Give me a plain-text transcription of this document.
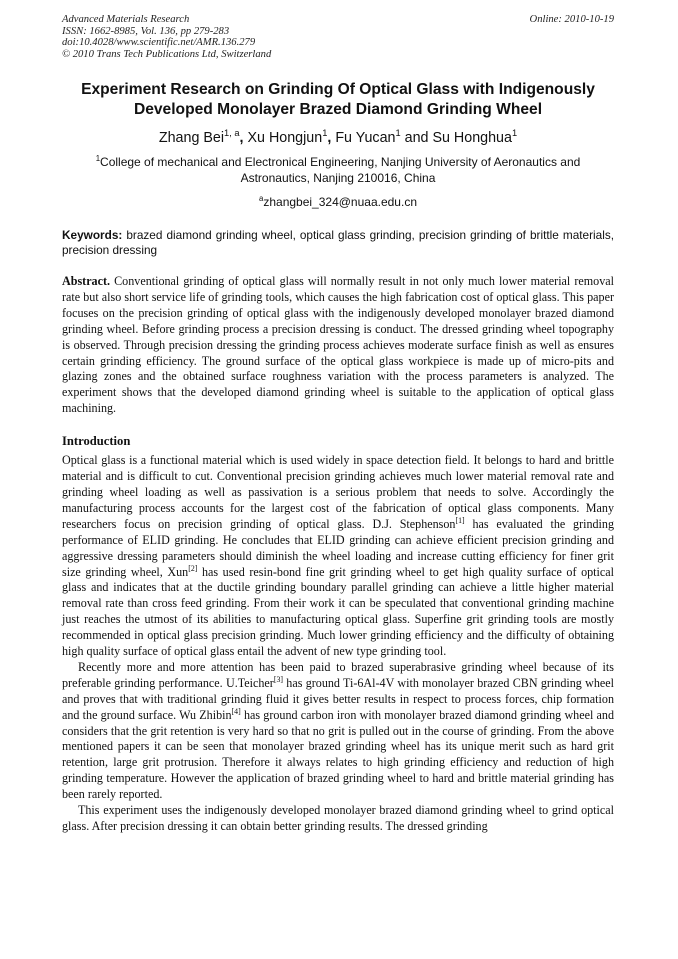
Advanced Materials Research
ISSN: 1662-8985, Vol. 136, pp 279-283
doi:10.4028/www.scientific.net/AMR.136.279
© 2010 Trans Tech Publications Ltd, Switzerland
Online: 2010-10-19
Experiment Research on Grinding Of Optical Glass with Indigenously Developed Monolayer Brazed Diamond Grinding Wheel
Zhang Bei$^{1, a}$, Xu Hongjun$^1$, Fu Yucan$^1$ and Su Honghua$^1$
$^1$College of mechanical and Electronical Engineering, Nanjing University of Aeronautics and Astronautics, Nanjing 210016, China
$^a$zhangbei_324@nuaa.edu.cn
Keywords: brazed diamond grinding wheel, optical glass grinding, precision grinding of brittle materials, precision dressing
Abstract. Conventional grinding of optical glass will normally result in not only much lower material removal rate but also short service life of grinding tools, which causes the high fabrication cost of optical glass. This paper focuses on the precision grinding of optical glass with the indigenously developed monolayer brazed diamond grinding wheel. Before grinding process a precision dressing is conduct. The dressed grinding wheel topography is observed. Through precision dressing the grinding process achieves moderate surface finish as well as ensures certain grinding efficiency. The ground surface of the optical glass workpiece is made up of micro-pits and glazing zones and the obtained surface roughness variation with the process parameters is analyzed. The experiment shows that the developed diamond grinding wheel is suitable to the application of optical glass machining.
Introduction

Optical glass is a functional material which is used widely in space detection field. It belongs to hard and brittle material and is difficult to cut. Conventional precision grinding achieves much lower material removal rate and grinding wheel loading as well as passivation is a serious problem that needs to solve. Accordingly the manufacturing process accounts for the largest cost of the fabrication of optical glass components. Many researchers focus on precision grinding of optical glass. D.J. Stephenson[1] has evaluated the grinding performance of ELID grinding. He concludes that ELID grinding can achieve efficient precision grinding and aggressive dressing parameters should diminish the wheel loading and increase cutting efficiency for finer grit size grinding wheel, Xun[2] has used resin-bond fine grit grinding wheel to get high quality surface of optical glass and indicates that at the ductile grinding boundary parallel grinding can achieve a little higher material removal rate than cross feed grinding. From their work it can be speculated that conventional grinding machine just reaches the utmost of its abilities to manufacturing optical glass. Superfine grit grinding tools are mostly recommended in optical glass precision grinding. Much lower grinding efficiency and the difficulty of obtaining high quality surface of optical glass entail the advent of new type grinding tool.

Recently more and more attention has been paid to brazed superabrasive grinding wheel because of its preferable grinding performance. U.Teicher[3] has ground Ti-6Al-4V with monolayer brazed CBN grinding wheel and proves that with traditional grinding fluid it gives better results in respect to process forces, chip formation and the ground surface. Wu Zhibin[4] has ground carbon iron with monolayer brazed diamond grinding wheel and considers that the grit retention is very hard so that no grit is pulled out in the course of grinding. From the above mentioned papers it can be seen that monolayer brazed grinding wheel has its unique merit such as hard grit retention, large grit protrusion. Therefore it always relates to high grinding efficiency and reduction of high grinding temperature. However the application of brazed grinding wheel to hard and brittle material grinding has been rarely reported.

This experiment uses the indigenously developed monolayer brazed diamond grinding wheel to grind optical glass. After precision dressing it can obtain better grinding results. The dressed grinding
